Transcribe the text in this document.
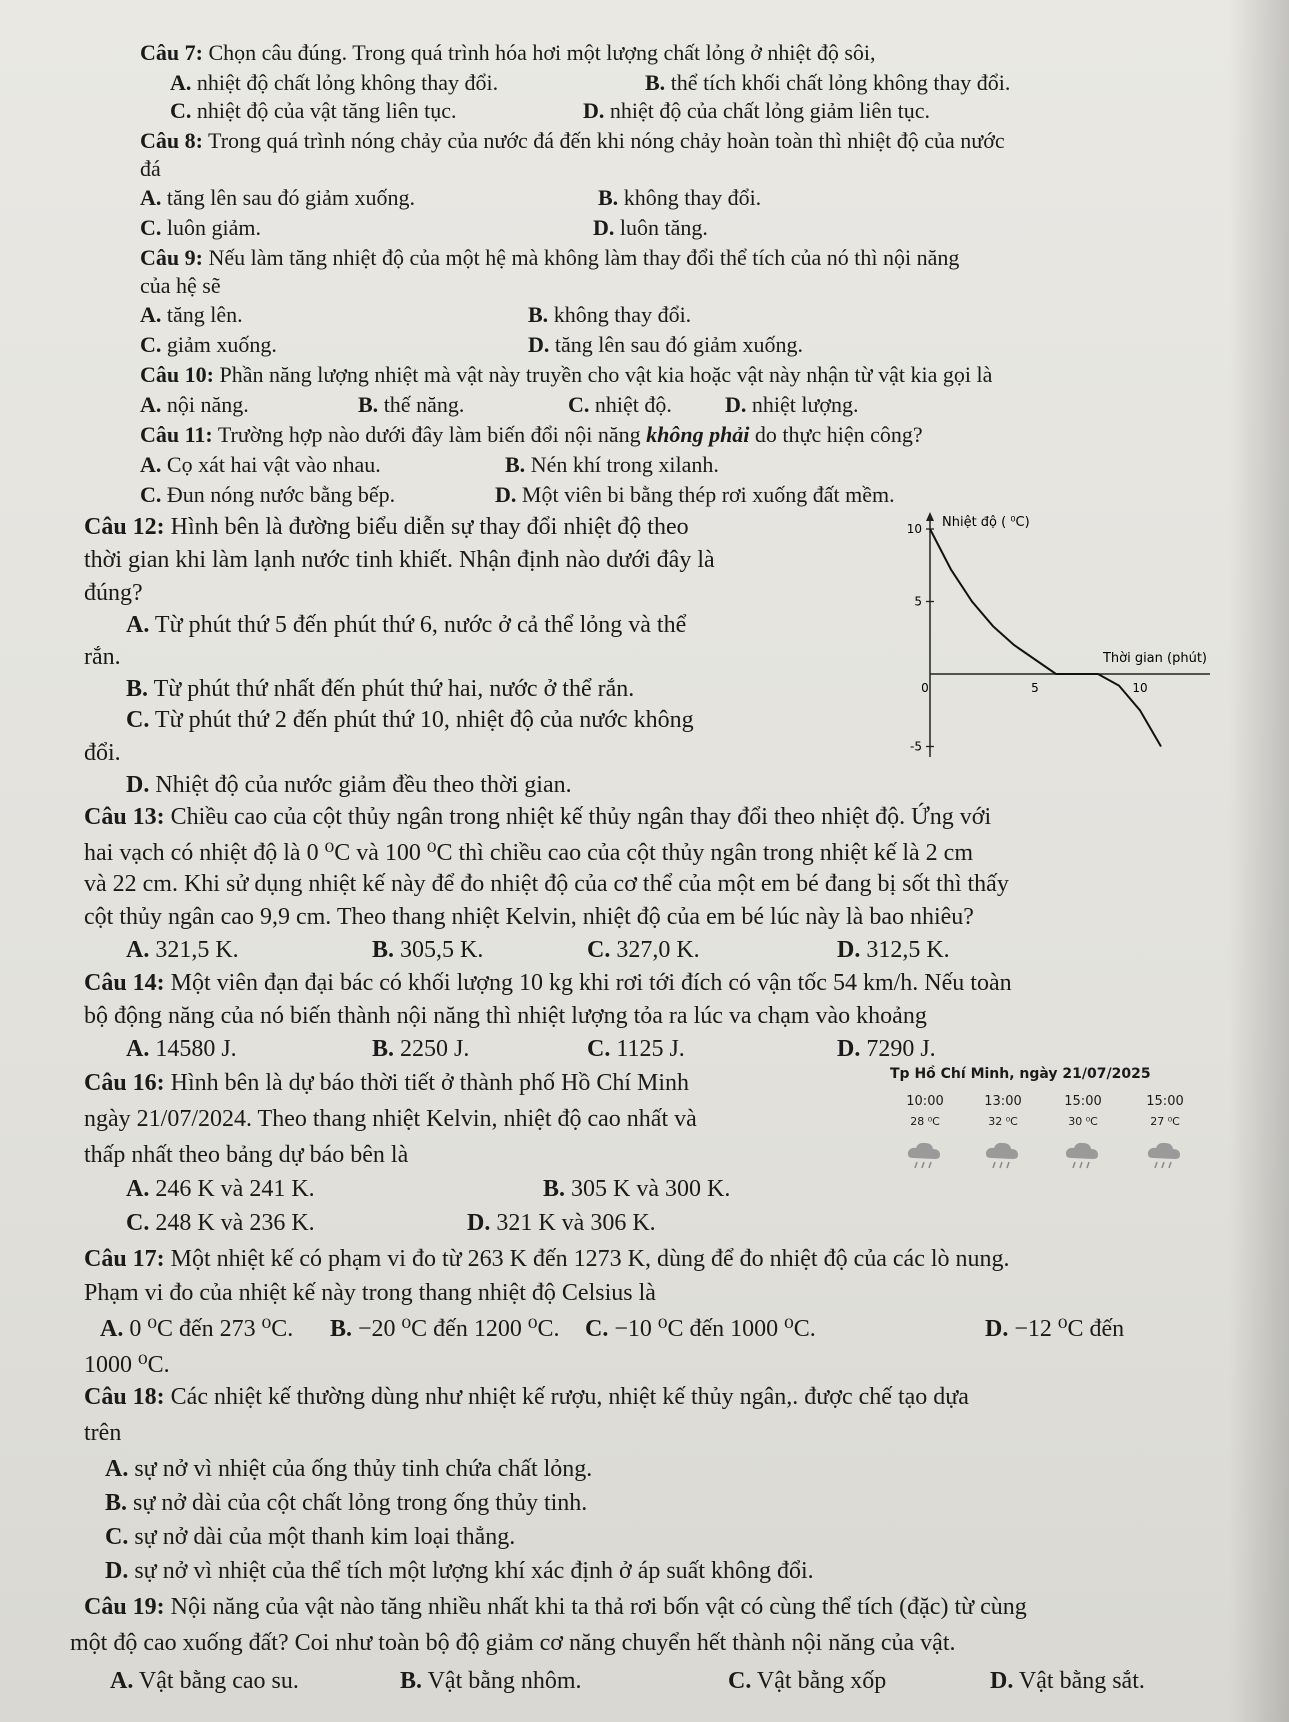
Câu 7: Chọn câu đúng. Trong quá trình hóa hơi một lượng chất lỏng ở nhiệt độ sôi,
A. nhiệt độ chất lỏng không thay đổi.	B. thể tích khối chất lỏng không thay đổi.
C. nhiệt độ của vật tăng liên tục.	D. nhiệt độ của chất lỏng giảm liên tục.
Câu 8: Trong quá trình nóng chảy của nước đá đến khi nóng chảy hoàn toàn thì nhiệt độ của nước
đá
A. tăng lên sau đó giảm xuống.	B. không thay đổi.
C. luôn giảm.	D. luôn tăng.
Câu 9: Nếu làm tăng nhiệt độ của một hệ mà không làm thay đổi thể tích của nó thì nội năng
của hệ sẽ
A. tăng lên.	B. không thay đổi.
C. giảm xuống.	D. tăng lên sau đó giảm xuống.
Câu 10: Phần năng lượng nhiệt mà vật này truyền cho vật kia hoặc vật này nhận từ vật kia gọi là
A. nội năng.	B. thế năng.	C. nhiệt độ. D. nhiệt lượng.
Câu 11: Trường hợp nào dưới đây làm biến đổi nội năng không phải do thực hiện công?
A. Cọ xát hai vật vào nhau.	B. Nén khí trong xilanh.
C. Đun nóng nước bằng bếp.	D. Một viên bi bằng thép rơi xuống đất mềm.
Câu 12: Hình bên là đường biểu diễn sự thay đổi nhiệt độ theo
thời gian khi làm lạnh nước tinh khiết. Nhận định nào dưới đây là
đúng?
A. Từ phút thứ 5 đến phút thứ 6, nước ở cả thể lỏng và thể
rắn.
B. Từ phút thứ nhất đến phút thứ hai, nước ở thể rắn.
C. Từ phút thứ 2 đến phút thứ 10, nhiệt độ của nước không
đổi.
D. Nhiệt độ của nước giảm đều theo thời gian.
Nhiệt độ ( ⁰C)
Thời gian (phút)
10
5
-5
0	5	10
Câu 13: Chiều cao của cột thủy ngân trong nhiệt kế thủy ngân thay đổi theo nhiệt độ. Ứng với
hai vạch có nhiệt độ là 0 ⁰C và 100 ⁰C thì chiều cao của cột thủy ngân trong nhiệt kế là 2 cm
và 22 cm. Khi sử dụng nhiệt kế này để đo nhiệt độ của cơ thể của một em bé đang bị sốt thì thấy
cột thủy ngân cao 9,9 cm. Theo thang nhiệt Kelvin, nhiệt độ của em bé lúc này là bao nhiêu?
A. 321,5 K.	B. 305,5 K.	C. 327,0 K.	D. 312,5 K.
Câu 14: Một viên đạn đại bác có khối lượng 10 kg khi rơi tới đích có vận tốc 54 km/h. Nếu toàn
bộ động năng của nó biến thành nội năng thì nhiệt lượng tỏa ra lúc va chạm vào khoảng
A. 14580 J.	B. 2250 J.	C. 1125 J.	D. 7290 J.
Câu 16: Hình bên là dự báo thời tiết ở thành phố Hồ Chí Minh
ngày 21/07/2024. Theo thang nhiệt Kelvin, nhiệt độ cao nhất và
thấp nhất theo bảng dự báo bên là
A. 246 K và 241 K.	B. 305 K và 300 K.
C. 248 K và 236 K.	D. 321 K và 306 K.
Tp Hồ Chí Minh, ngày 21/07/2025
10:00
28 ⁰C
13:00
32 ⁰C
15:00
30 ⁰C
15:00
27 ⁰C
Câu 17: Một nhiệt kế có phạm vi đo từ 263 K đến 1273 K, dùng để đo nhiệt độ của các lò nung.
Phạm vi đo của nhiệt kế này trong thang nhiệt độ Celsius là
A. 0 ⁰C đến 273 ⁰C. B. −20 ⁰C đến 1200 ⁰C. C. −10 ⁰C đến 1000 ⁰C.	D. −12 ⁰C đến
1000 ⁰C.
Câu 18: Các nhiệt kế thường dùng như nhiệt kế rượu, nhiệt kế thủy ngân,. được chế tạo dựa
trên
A. sự nở vì nhiệt của ống thủy tinh chứa chất lỏng.
B. sự nở dài của cột chất lỏng trong ống thủy tinh.
C. sự nở dài của một thanh kim loại thẳng.
D. sự nở vì nhiệt của thể tích một lượng khí xác định ở áp suất không đổi.
Câu 19: Nội năng của vật nào tăng nhiều nhất khi ta thả rơi bốn vật có cùng thể tích (đặc) từ cùng
một độ cao xuống đất? Coi như toàn bộ độ giảm cơ năng chuyển hết thành nội năng của vật.
A. Vật bằng cao su.	B. Vật bằng nhôm.	C. Vật bằng xốp	D. Vật bằng sắt.
